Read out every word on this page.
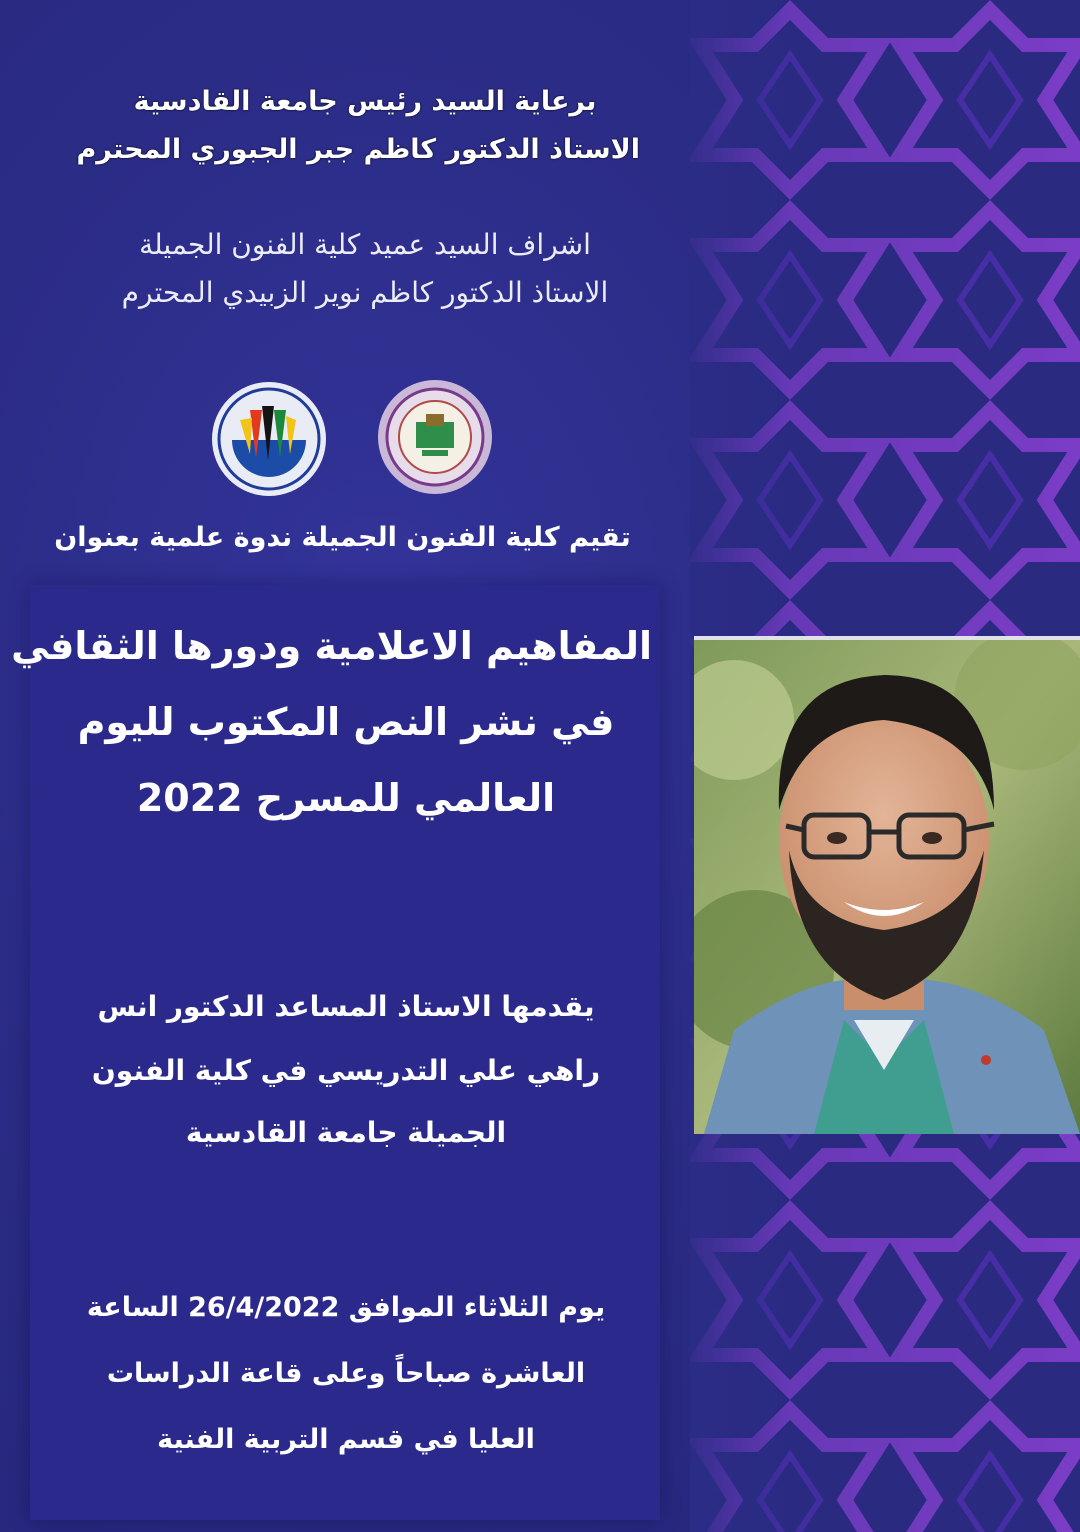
برعاية السيد رئيس جامعة القادسية
الاستاذ الدكتور كاظم جبر الجبوري المحترم
اشراف السيد عميد كلية الفنون الجميلة
الاستاذ الدكتور كاظم نوير الزبيدي المحترم
تقيم كلية الفنون الجميلة ندوة علمية بعنوان
المفاهيم الاعلامية ودورها الثقافي
في نشر النص المكتوب لليوم
العالمي للمسرح 2022
يقدمها الاستاذ المساعد الدكتور انس
راهي علي التدريسي في كلية الفنون
الجميلة جامعة القادسية
يوم الثلاثاء الموافق 26/4/2022 الساعة
العاشرة صباحاً وعلى قاعة الدراسات
العليا في قسم التربية الفنية
